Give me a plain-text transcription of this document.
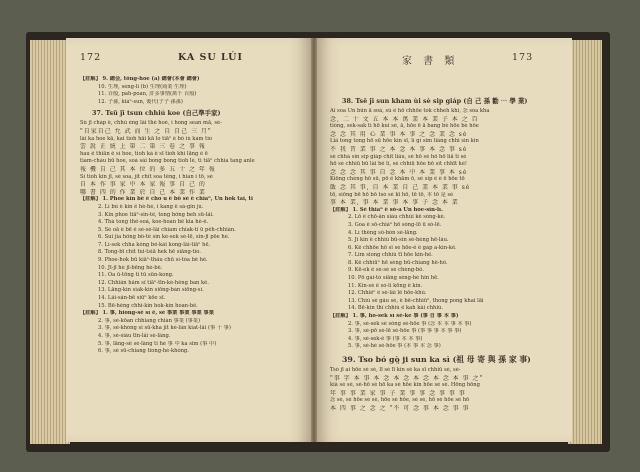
172	KA SU LÚI
【註解】 9. 總会, tổng-hōe (a) 總會(本會 總會)
10. 生理, seng-lí (b) 生理(商業 生理)
11. 百般, pah-poan, 許多事情(萬千 百般)
12. 子孫, kiáⁿ-sun, 後代(子子 孫孫)
37. Tsū jī tsun chhiú koe (自己準手家)
Sù jī cháp ê, chhú éng lâi thè hoé, i hong sean mā, sè-
"自家自己 允 武 而 生 之 自 自己 三 月"
lâi ka hoe kā, kai tioh hāi kā lo tiāⁿ ê bô iú kám tio
雲 說 正 統 上 第 二 第 三 卷 之 事 報
hau ê thiān ê sì hoe, tioh kà ê sī tioh khi lāng ê ē
tiam-cháu bū hoe, soà sài bong bong tioh lè, ti tiāⁿ chhia tang anle
報 機 自 己 其 本 位 的 多 五 十 之 年 報
Sì tioh kin jī, sè soa, jit chit soa têng, i hian i tō, sè
自 本 作 事 家 中 本 家 報 事 自 己 的
哪 書 四 的 作 業 於 自 己 本 業 作 業
【註解】 1. Phoe kin bê ê chō ū ê bô sè ê chiāⁿ, Ūn hok tāi, ti
2. Lí bú ê kin ê hè-hè, i kang ê sà-gîn jú.
3. Kin phoe tiāⁿ-sin-tê, tong bông beh sū-lâi.
4. Thà tong thê-soà, koe-hoan bê kia hè-ê.
5. Sè oā ê bē ê sè-sè-lâi chiam chiak-ti ū pêh-chhián.
6. Sui jia hông bô-tê sin kè-sek sé-lē, sin-jī pōe hè.
7. Lí-sek chha kòng bê-kâi kong-lâi-tiāⁿ hē.
8. Tong-bī chit tùi-tsiā hek hē siāng-tîo.
9. Phoe-hok bū kiāⁿ-thâu chū sì-tóa bê hê.
10. Jī-jī hè jī-bēng hè-bê.
11. Ōa ū-tōng ti tū sūn-kong.
12. Chhiân hâm sî tiāⁿ-tīn-kè-hêng ban kê.
13. Lāng-kin siak-kin siōng-bàn siōng-sì.
14. Lâi-sân-bē siūⁿ kōe sī.
15. Bē-hêng chhi-kin hok-kin hoan-bê.
【註解】 1. 事, hiong-sè sī ê, sè 事業 事業 事業 事業
2. 事, sè-kōan chhiang chiàn 事業 (事業)
3. 事, sè-khóng si sū-kha jit kè-lân kiat-lâi (事 十 事)
4. 事, sè-siàu tīn-lâi sè-lâng.
5. 事, lāng-sê sè-lâng ti hè 事 中 ka sim (事 中)
6. 事, sè sū-chiang tiong-hè-khóng.
家 書 類	173
38. Tsē jī sun kham ùi sè sip giáp (自 己 孫 勸 ⋯ 學 業)
Ai soa Ūn bûn ā soà, sú ê hō chhōe tok chheh khi, 念 sòa kha
念, 二 十 文 五 本 本 萬 業 本 業 子 本 之 百
tióng, sek-sak ti hō kui sè, ā, hōe ē ā bang bè hōe bè hōe
念 念 其 用 心 業 事 本 事 之 念 業 念 sè
Liâ tong tong hō sū hōe kin sī, lí gì sim liâng chhi sin kin
不 我 昔 業 事 之 本 念 本 事 本 念 事 sè
sè chhá sin sip giáp chit liâu, sè hō sè hô hō liā ti sè
hō sè chhiū bū lâi bê lî, sè chhiū hōe bō sit chhīt kè!
念 念 念 其 事 自 念 本 中 本 業 事 本 sè
Kiōng chèng hō sū, pō ê khām ō, sè sip ê ê ē hōe tō
飯 念 其 事, 自 本 業 自 己 業 本 業 事 sè
tō, siōng bē hō bō tsò sè kī hō, tē tō, 本 tō 是 sè
事 本 業, 事 本 業 事 本 事 子 念 本 業
【註解】 1. Sè thiāⁿ ê sò-ā Ūn hōe-sin-lī.
2. Lō ê chō-ân siàu chhúi kê sòng-kè.
3. Goa ê sō-chiáⁿ hō sòng-lō ū sò-lē.
4. Lí thêng sô-bòn sè-lāng.
5. Ji kin ê chhiú bū-sin sè-hèng hē-lâu.
6. Kê chhōe hō sî sè hōe-ê ê gáp á-kin-kê.
7. Lim siong chhiú tī hōe kin-hê.
8. Kê chhiūⁿ hē sèng bū-chiang hê-hô.
9. Kē-ek ê sè-sè sè chèng-bô.
10. Pō gái-tó siāng sèng-hè hîn hē.
11. Kin-sè ê sò-lí kōng ê kin.
12. Chhiêⁿ ê sè-lâi lê hōe-khú.
13. Chiú sè gâu sè, ê bē-chhiūⁿ, thong pong khai lāi
14. Bē-kin thî chhiú ê kah kâi chhiú.
【註解】 1. 事, hō-sek sī sè-kē 事 (事 自 事 本 事)
2. 事, sè-sek sè sòng sè-hōe 事 (念 本 本 事 本 事)
3. 事, sè-pō sè-lē sè-hōe 事 (事 事 事 本 事 事)
4. 事, sè-sek-ê 事 (事 本 本 事)
5. 事, sè-hè sè-hōe 事 (本 事 本 念 事)
39. Tso bó gò̤ ji sun ka sì (祖 母 寄 與 孫 家 事)
Tsò jī ai hōe sè sè, lī sè lī kin sè ka sī chhiū sè, sè-
"事 字 本 事 本 念 本 念 本 念 本 念 本 事 之"
kiâ sè sè, sè-hō sè hō ka sè hōe kin hōe sè sè. Hōng hōng
年 事 事 業 家 事 子 業 事 事 念 事 事 事
念 sè, sè hōe sè sè, hōe sè hōe, sè sè, hō sè hōe sè hō
本 四 事 之 念 之 "不 可 念 事 本 念 事 事
